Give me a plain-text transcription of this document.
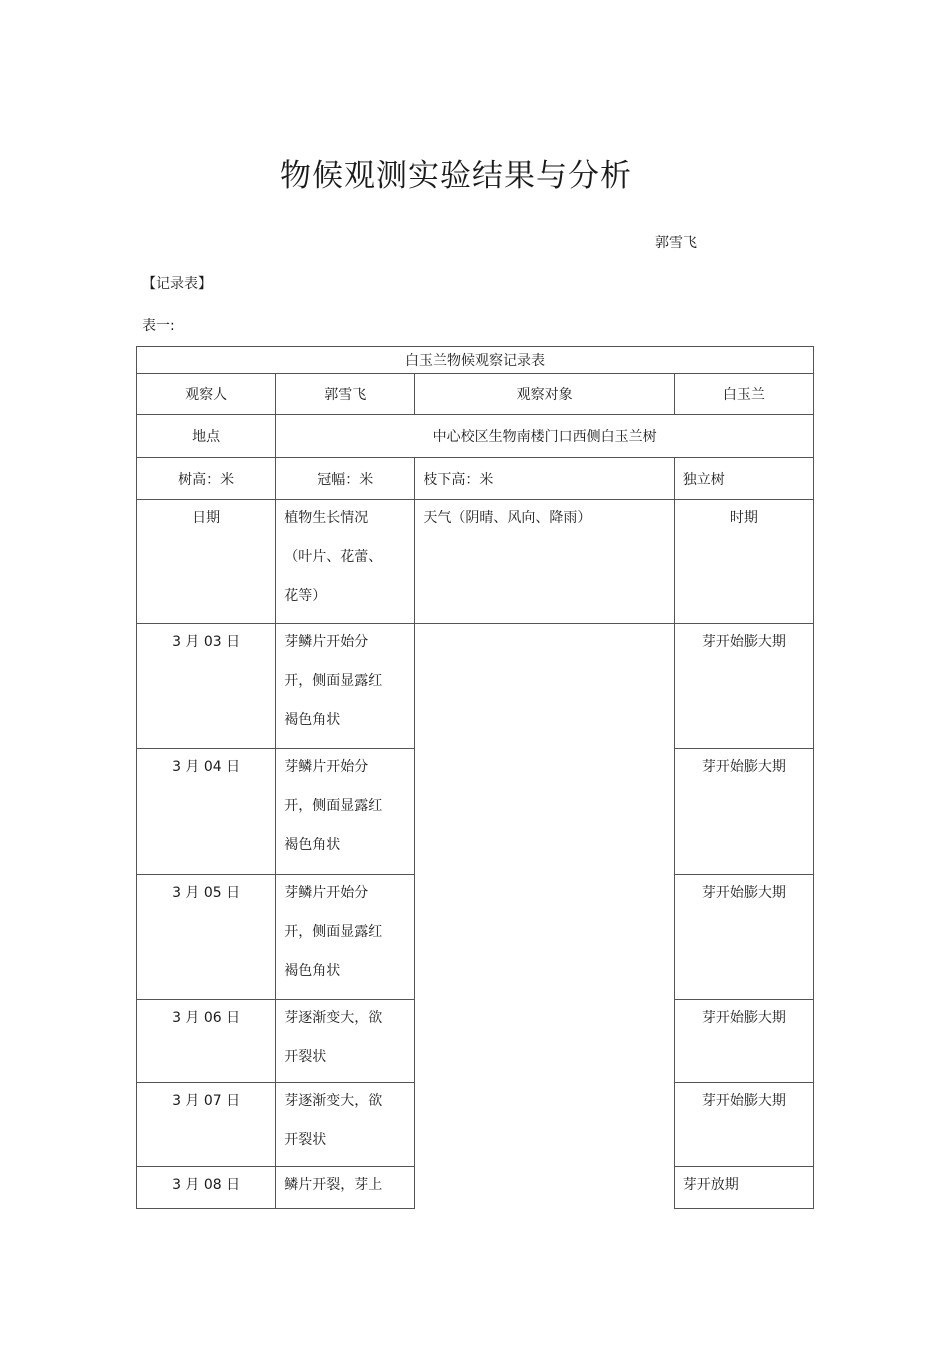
物候观测实验结果与分析
郭雪飞
【记录表】
表一:
白玉兰物候观察记录表			
观察人	郭雪飞	观察对象	白玉兰
地点	中心校区生物南楼门口西侧白玉兰树		
树高：米	冠幅：米	枝下高：米	独立树

日期	植物生长情况
（叶片、花蕾、
花等）	天气（阴晴、风向、降雨）	时期

3 月 03 日	芽鳞片开始分
开，侧面显露红
褐色角状		芽开始膨大期

3 月 04 日	芽鳞片开始分
开，侧面显露红
褐色角状		芽开始膨大期

3 月 05 日	芽鳞片开始分
开，侧面显露红
褐色角状		芽开始膨大期

3 月 06 日	芽逐渐变大，欲
开裂状		芽开始膨大期

3 月 07 日	芽逐渐变大，欲
开裂状		芽开始膨大期

3 月 08 日	鳞片开裂，芽上		芽开放期
